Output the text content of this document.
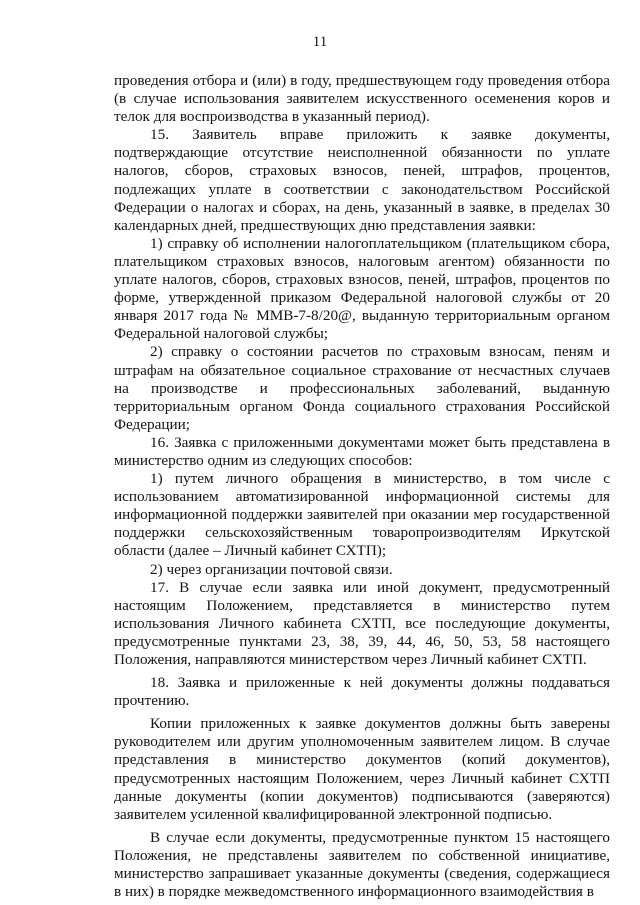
11

проведения отбора и (или) в году, предшествующем году проведения отбора (в случае использования заявителем искусственного осеменения коров и телок для воспроизводства в указанный период).

15. Заявитель вправе приложить к заявке документы, подтверждающие отсутствие неисполненной обязанности по уплате налогов, сборов, страховых взносов, пеней, штрафов, процентов, подлежащих уплате в соответствии с законодательством Российской Федерации о налогах и сборах, на день, указанный в заявке, в пределах 30 календарных дней, предшествующих дню представления заявки:

1) справку об исполнении налогоплательщиком (плательщиком сбора, плательщиком страховых взносов, налоговым агентом) обязанности по уплате налогов, сборов, страховых взносов, пеней, штрафов, процентов по форме, утвержденной приказом Федеральной налоговой службы от 20 января 2017 года № ММВ-7-8/20@, выданную территориальным органом Федеральной налоговой службы;

2) справку о состоянии расчетов по страховым взносам, пеням и штрафам на обязательное социальное страхование от несчастных случаев на производстве и профессиональных заболеваний, выданную территориальным органом Фонда социального страхования Российской Федерации;

16. Заявка с приложенными документами может быть представлена в министерство одним из следующих способов:

1) путем личного обращения в министерство, в том числе с использованием автоматизированной информационной системы для информационной поддержки заявителей при оказании мер государственной поддержки сельскохозяйственным товаропроизводителям Иркутской области (далее – Личный кабинет СХТП);

2) через организации почтовой связи.

17. В случае если заявка или иной документ, предусмотренный настоящим Положением, представляется в министерство путем использования Личного кабинета СХТП, все последующие документы, предусмотренные пунктами 23, 38, 39, 44, 46, 50, 53, 58 настоящего Положения, направляются министерством через Личный кабинет СХТП.

18. Заявка и приложенные к ней документы должны поддаваться прочтению.

Копии приложенных к заявке документов должны быть заверены руководителем или другим уполномоченным заявителем лицом. В случае представления в министерство документов (копий документов), предусмотренных настоящим Положением, через Личный кабинет СХТП данные документы (копии документов) подписываются (заверяются) заявителем усиленной квалифицированной электронной подписью.

В случае если документы, предусмотренные пунктом 15 настоящего Положения, не представлены заявителем по собственной инициативе, министерство запрашивает указанные документы (сведения, содержащиеся в них) в порядке межведомственного информационного взаимодействия в
